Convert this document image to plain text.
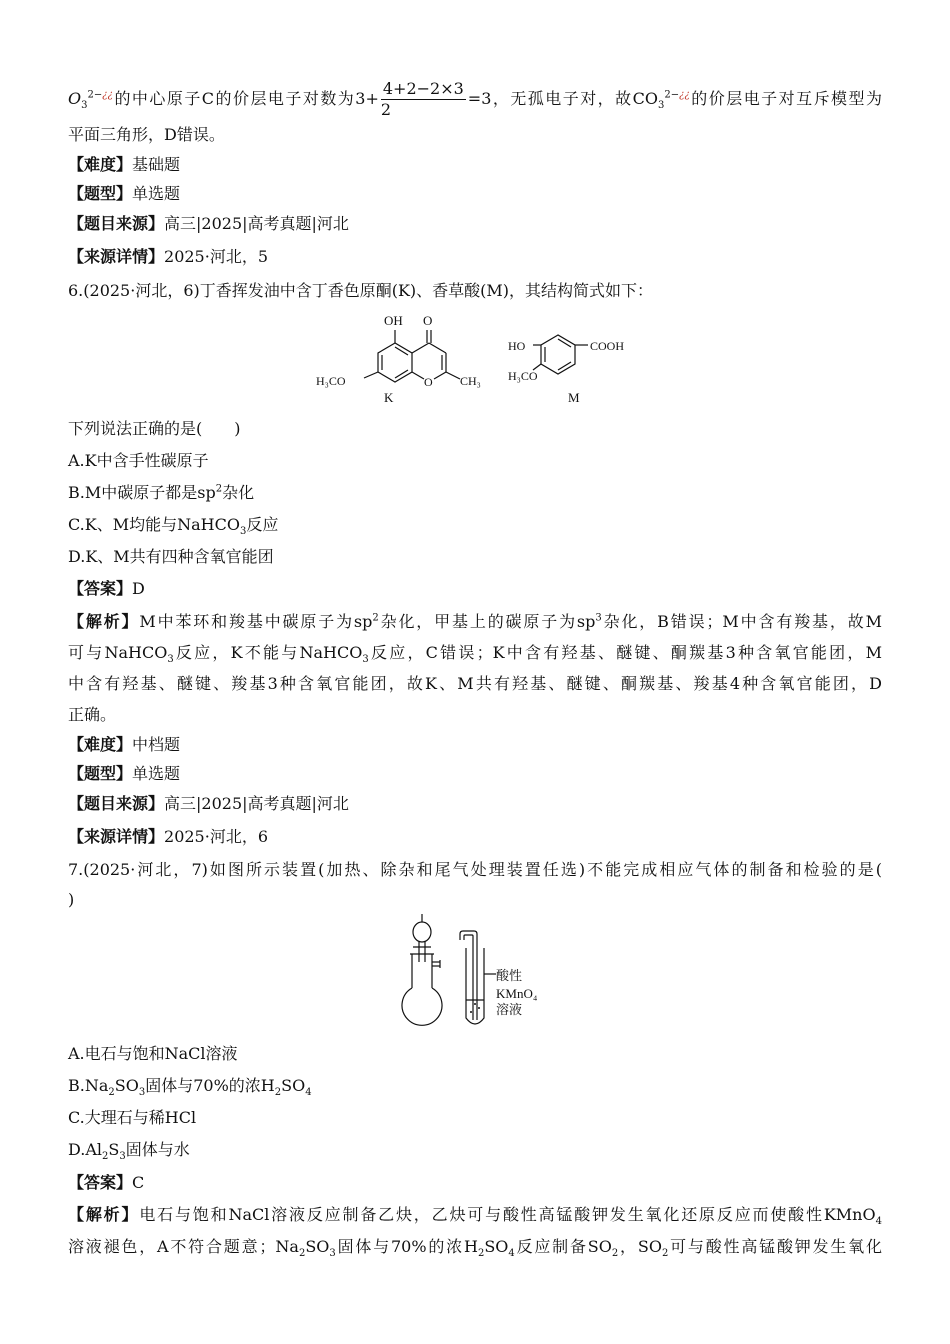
$O_3^{2-¿¿}$的中心原子C的价层电子对数为$3+ \frac{4+2-2\times 3}{2} =3$，无孤电子对，故$CO_3^{2-¿¿}$的价层电子对互斥模型为
平面三角形，D错误。
【难度】基础题
【题型】单选题
【题目来源】高三|2025|高考真题|河北
【来源详情】2025·河北，5
6.(2025·河北，6)丁香挥发油中含丁香色原酮(K)、香草酸(M)，其结构简式如下：
OH O
O
H₃CO	CH₃
K
HO	COOH
H₃CO
M
下列说法正确的是(　　)
A.K中含手性碳原子
B.M中碳原子都是$sp^2$杂化
C.K、M均能与NaHCO$_3$反应
D.K、M共有四种含氧官能团
【答案】D
【解析】M中苯环和羧基中碳原子为$sp^2$杂化，甲基上的碳原子为$sp^3$杂化，B错误；M中含有羧基，故M
可与NaHCO$_3$反应，K不能与NaHCO$_3$反应，C错误；K中含有羟基、醚键、酮羰基3种含氧官能团，M
中含有羟基、醚键、羧基3种含氧官能团，故K、M共有羟基、醚键、酮羰基、羧基4种含氧官能团，D
正确。
【难度】中档题
【题型】单选题
【题目来源】高三|2025|高考真题|河北
【来源详情】2025·河北，6
7.(2025·河北，7)如图所示装置(加热、除杂和尾气处理装置任选)不能完成相应气体的制备和检验的是(
)
酸性
KMnO₄
溶液
A.电石与饱和NaCl溶液
$B.Na_2SO_3$固体与70%的浓$H_2SO_4$
C.大理石与稀HCl
$D.Al_2S_3$固体与水
【答案】C
【解析】电石与饱和NaCl溶液反应制备乙炔，乙炔可与酸性高锰酸钾发生氧化还原反应而使酸性KMnO$_4$
溶液褪色，A不符合题意；$Na_2SO_3$固体与70%的浓$H_2SO_4$反应制备$SO_2$，$SO_2$可与酸性高锰酸钾发生氧化
